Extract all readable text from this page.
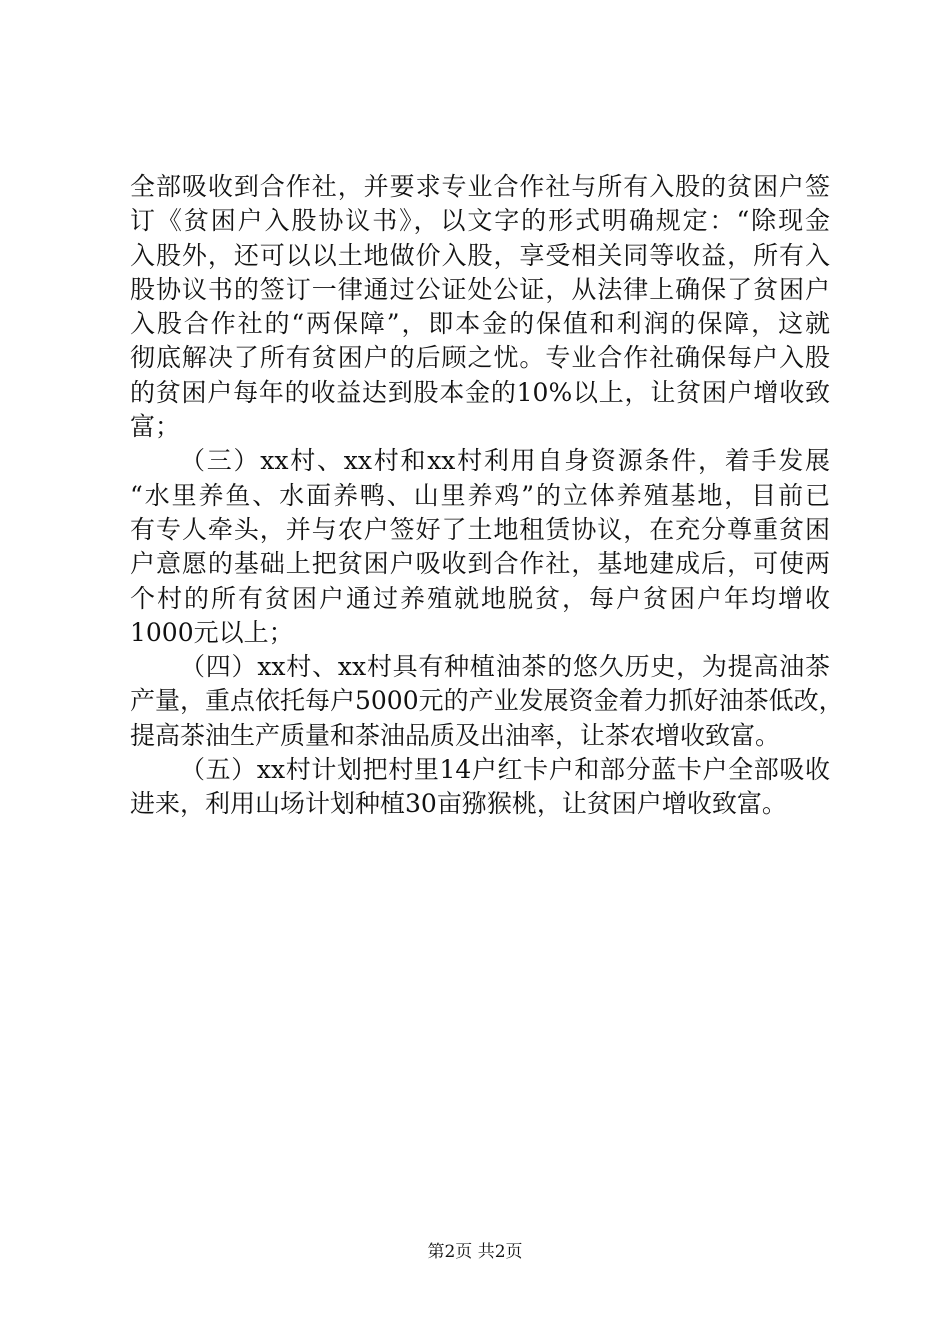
全部吸收到合作社，并要求专业合作社与所有入股的贫困户签
订《贫困户入股协议书》，以文字的形式明确规定：“除现金
入股外，还可以以土地做价入股，享受相关同等收益，所有入
股协议书的签订一律通过公证处公证，从法律上确保了贫困户
入股合作社的“两保障”，即本金的保值和利润的保障，这就
彻底解决了所有贫困户的后顾之忧。专业合作社确保每户入股
的贫困户每年的收益达到股本金的10%以上，让贫困户增收致
富；
（三）xx村、xx村和xx村利用自身资源条件，着手发展
“水里养鱼、水面养鸭、山里养鸡”的立体养殖基地，目前已
有专人牵头，并与农户签好了土地租赁协议，在充分尊重贫困
户意愿的基础上把贫困户吸收到合作社，基地建成后，可使两
个村的所有贫困户通过养殖就地脱贫，每户贫困户年均增收
1000元以上；
（四）xx村、xx村具有种植油茶的悠久历史，为提高油茶
产量，重点依托每户5000元的产业发展资金着力抓好油茶低改，
提高茶油生产质量和茶油品质及出油率，让茶农增收致富。
（五）xx村计划把村里14户红卡户和部分蓝卡户全部吸收
进来，利用山场计划种植30亩猕猴桃，让贫困户增收致富。
第2页 共2页
